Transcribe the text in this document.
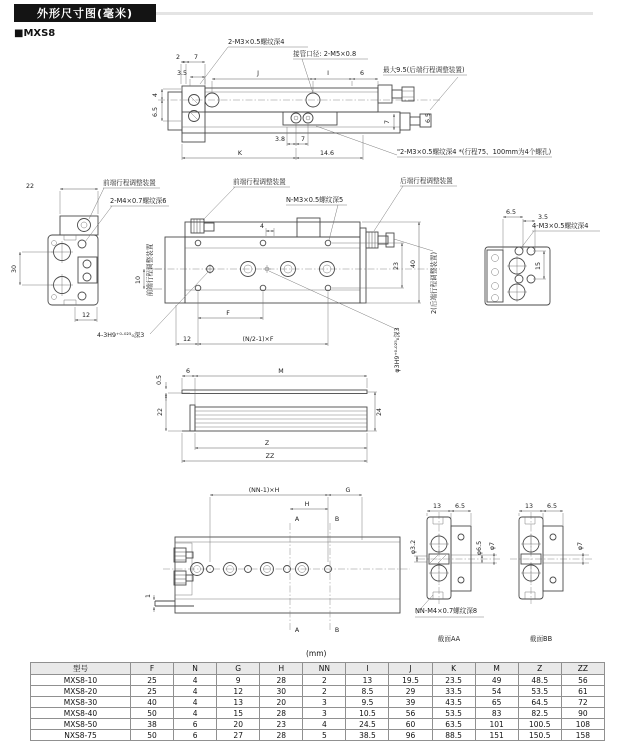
外形尺寸图(毫米)
■MXS8
2 7
3.5	J	I	6
4
6.5
6.5
7
3.8	7
K	14.6
2-M3×0.5螺纹深4
接管口径: 2-M5×0.8
最大9.5(后端行程调整装置)
"2-M3×0.5螺纹深4 *(行程75、100mm为4个螺孔)
22
30
12
前端行程调整装置
2-M4×0.7螺纹深6
4
10 前端行程调整装置	23 40
F
12	(N/2-1)×F
4-3H9⁺⁰·⁰²⁵₀深3	φ3H9⁺⁰·⁰²⁵₀深3
2(后端行程调整装置)
前端行程调整装置
N-M3×0.5螺纹深5
后端行程调整装置
6.5
3.5
4-M3×0.5螺纹深4
15
0.5
22
6	M
24
Z
ZZ
A	B
A	B
(NN-1)×H	G
H
1
φ6.5 φ7
φ3.2
13 6.5
NN-M4×0.7螺纹深8
截面AA
φ7
13 6.5
截面BB
(mm)
型号	F	N	G	H	NN	I	J	K	M	Z	ZZ
MXS8-10	25	4	9	28	2	13	19.5	23.5	49	48.5	56
MXS8-20	25	4	12	30	2	8.5	29	33.5	54	53.5	61
MXS8-30	40	4	13	20	3	9.5	39	43.5	65	64.5	72
MXS8-40	50	4	15	28	3	10.5	56	53.5	83	82.5	90
MXS8-50	38	6	20	23	4	24.5	60	63.5	101	100.5	108
NXS8-75	50	6	27	28	5	38.5	96	88.5	151	150.5	158
